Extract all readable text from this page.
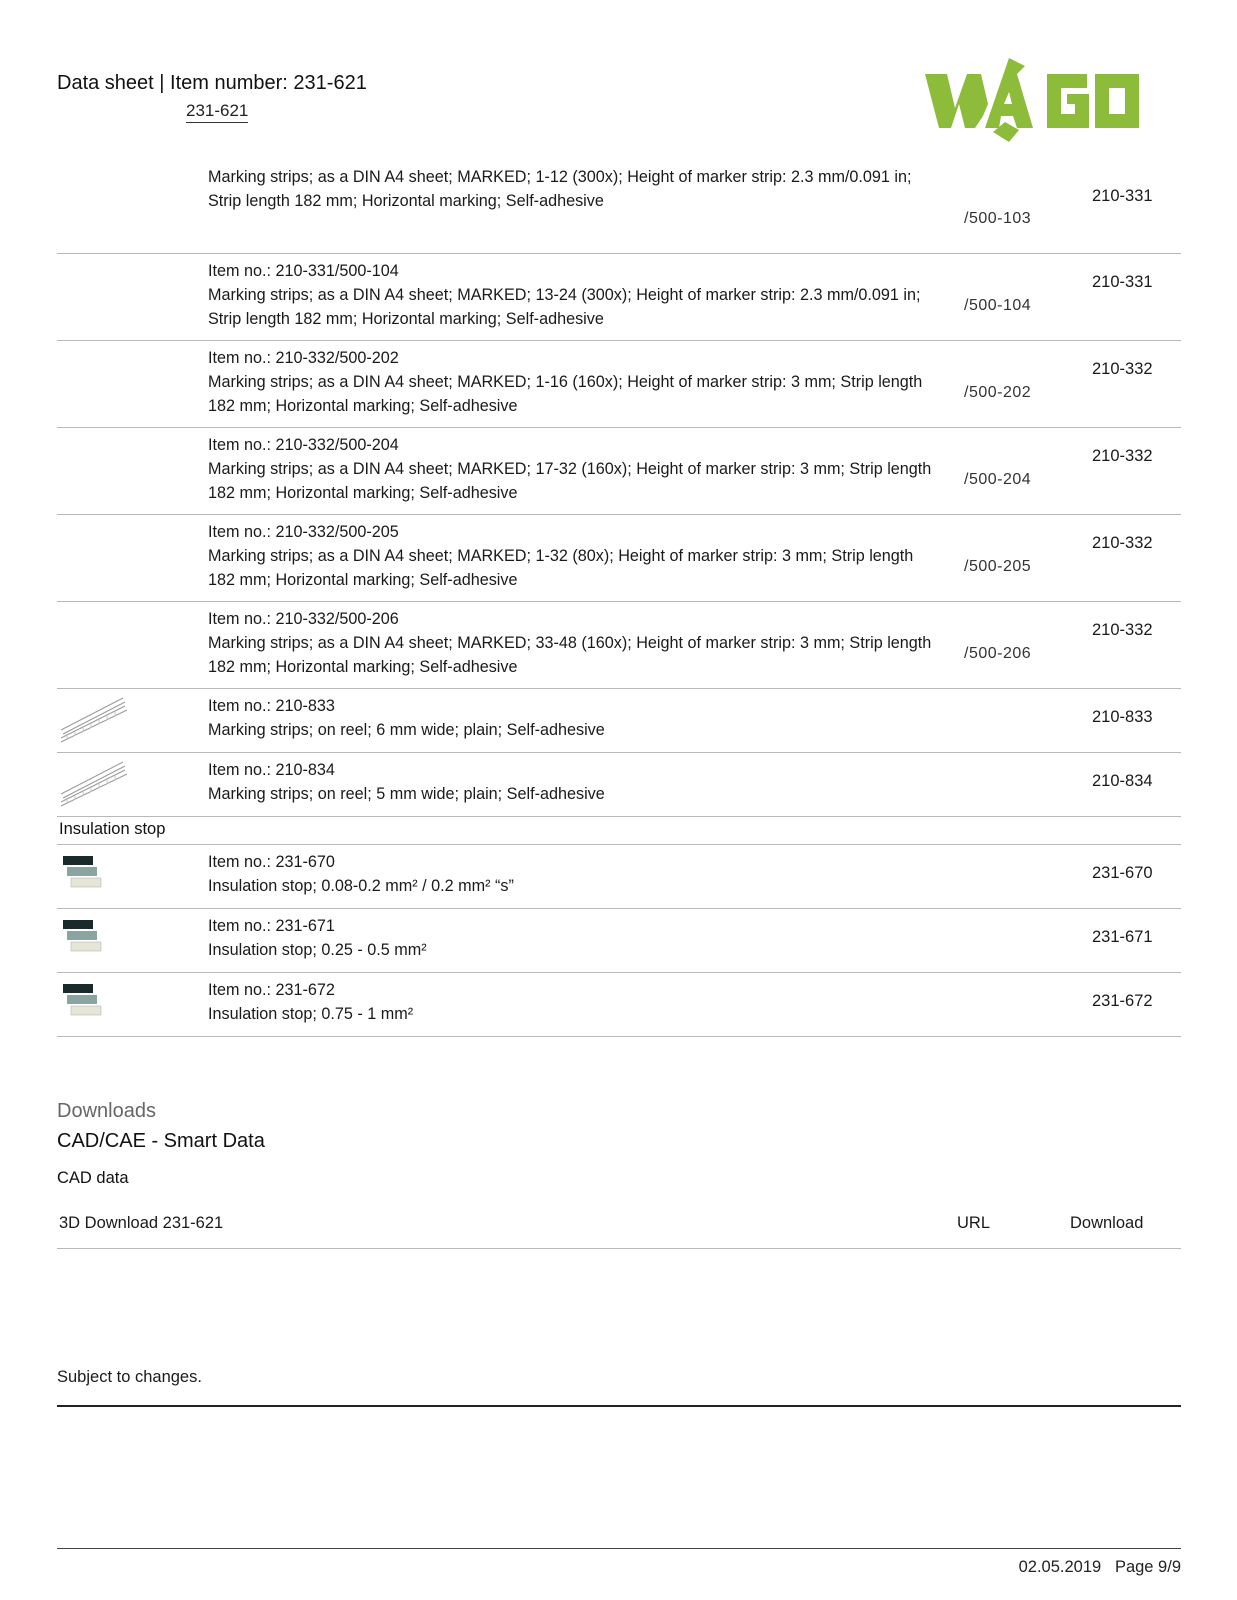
Data sheet | Item number: 231-621
231-621
Marking strips; as a DIN A4 sheet; MARKED; 1-12 (300x); Height of marker strip: 2.3 mm/0.091 in;
Strip length 182 mm; Horizontal marking; Self-adhesive
/500-103
210-331
Item no.: 210-331/500-104
Marking strips; as a DIN A4 sheet; MARKED; 13-24 (300x); Height of marker strip: 2.3 mm/0.091 in;
Strip length 182 mm; Horizontal marking; Self-adhesive
/500-104
210-331
Item no.: 210-332/500-202
Marking strips; as a DIN A4 sheet; MARKED; 1-16 (160x); Height of marker strip: 3 mm; Strip length
182 mm; Horizontal marking; Self-adhesive
/500-202
210-332
Item no.: 210-332/500-204
Marking strips; as a DIN A4 sheet; MARKED; 17-32 (160x); Height of marker strip: 3 mm; Strip length
182 mm; Horizontal marking; Self-adhesive
/500-204
210-332
Item no.: 210-332/500-205
Marking strips; as a DIN A4 sheet; MARKED; 1-32 (80x); Height of marker strip: 3 mm; Strip length
182 mm; Horizontal marking; Self-adhesive
/500-205
210-332
Item no.: 210-332/500-206
Marking strips; as a DIN A4 sheet; MARKED; 33-48 (160x); Height of marker strip: 3 mm; Strip length
182 mm; Horizontal marking; Self-adhesive
/500-206
210-332
Item no.: 210-833
Marking strips; on reel; 6 mm wide; plain; Self-adhesive
210-833
Item no.: 210-834
Marking strips; on reel; 5 mm wide; plain; Self-adhesive
210-834
Insulation stop
Item no.: 231-670
Insulation stop; 0.08-0.2 mm² / 0.2 mm² “s”
231-670
Item no.: 231-671
Insulation stop; 0.25 - 0.5 mm²
231-671
Item no.: 231-672
Insulation stop; 0.75 - 1 mm²
231-672
Downloads
CAD/CAE - Smart Data
CAD data
3D Download 231-621	URL	Download
Subject to changes.
02.05.2019   Page 9/9
